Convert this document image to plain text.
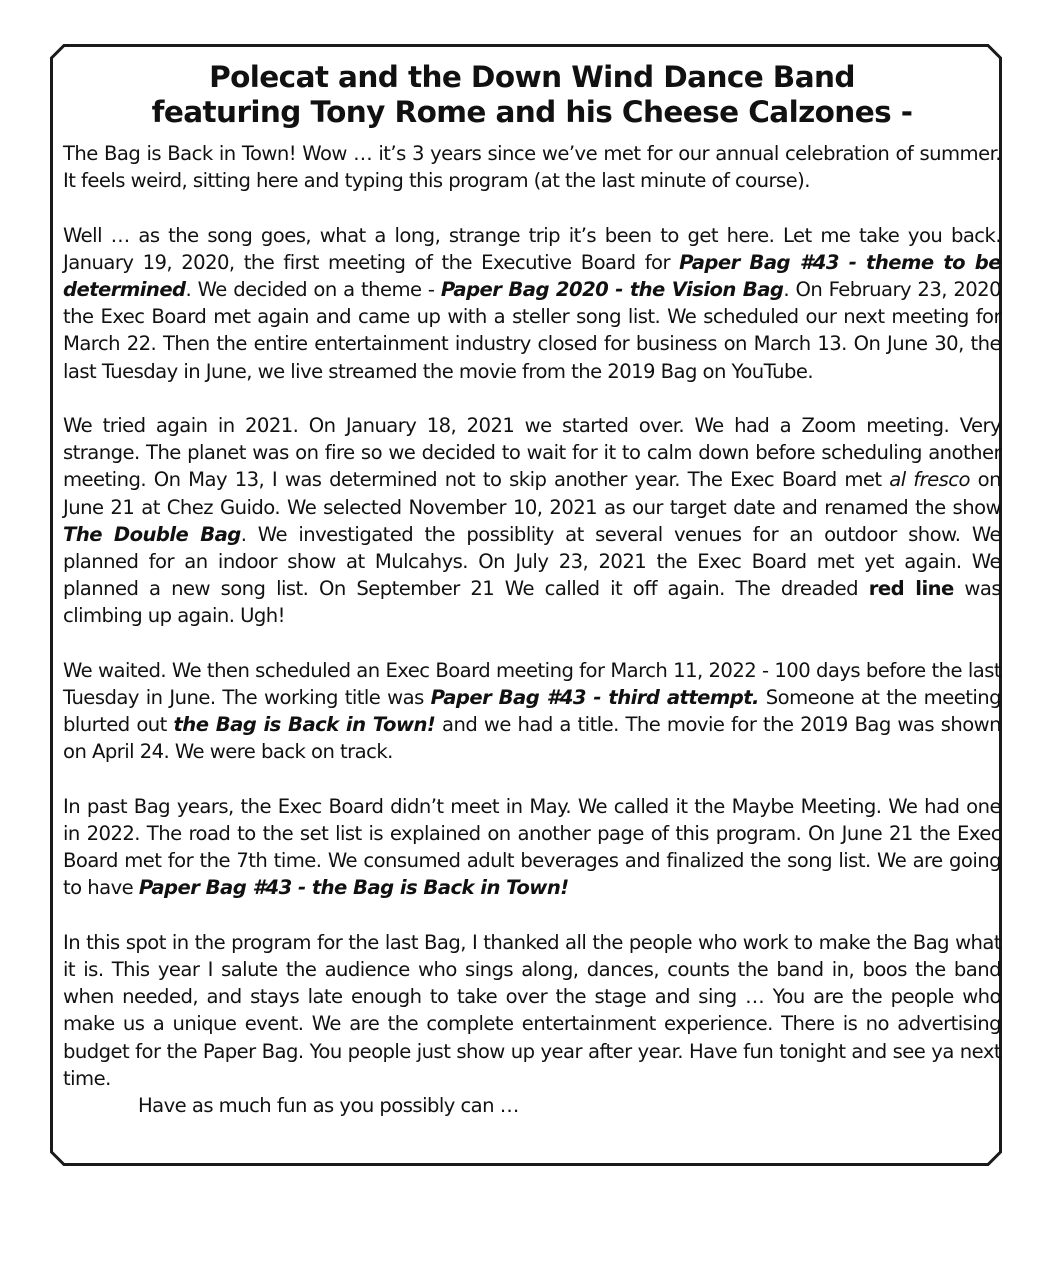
Polecat and the Down Wind Dance Band
featuring Tony Rome and his Cheese Calzones -

The Bag is Back in Town! Wow … it’s 3 years since we’ve met for our annual celebration of summer. It feels weird, sitting here and typing this program (at the last minute of course).

Well … as the song goes, what a long, strange trip it’s been to get here. Let me take you back. January 19, 2020, the first meeting of the Executive Board for Paper Bag #43 - theme to be determined. We decided on a theme - Paper Bag 2020 - the Vision Bag. On February 23, 2020 the Exec Board met again and came up with a steller song list. We scheduled our next meeting for March 22. Then the entire entertainment industry closed for business on March 13. On June 30, the last Tuesday in June, we live streamed the movie from the 2019 Bag on YouTube.

We tried again in 2021. On January 18, 2021 we started over. We had a Zoom meeting. Very strange. The planet was on fire so we decided to wait for it to calm down before scheduling another meeting. On May 13, I was determined not to skip another year. The Exec Board met al fresco on June 21 at Chez Guido. We selected November 10, 2021 as our target date and renamed the show The Double Bag. We investigated the possiblity at several venues for an outdoor show. We planned for an indoor show at Mulcahys. On July 23, 2021 the Exec Board met yet again. We planned a new song list. On September 21 We called it off again. The dreaded red line was climbing up again. Ugh!

We waited. We then scheduled an Exec Board meeting for March 11, 2022 - 100 days before the last Tuesday in June. The working title was Paper Bag #43 - third attempt. Someone at the meeting blurted out the Bag is Back in Town! and we had a title. The movie for the 2019 Bag was shown on April 24. We were back on track.

In past Bag years, the Exec Board didn’t meet in May. We called it the Maybe Meeting. We had one in 2022. The road to the set list is explained on another page of this program. On June 21 the Exec Board met for the 7th time. We consumed adult beverages and finalized the song list. We are going to have Paper Bag #43 - the Bag is Back in Town!

In this spot in the program for the last Bag, I thanked all the people who work to make the Bag what it is. This year I salute the audience who sings along, dances, counts the band in, boos the band when needed, and stays late enough to take over the stage and sing … You are the people who make us a unique event. We are the complete entertainment experience. There is no advertising budget for the Paper Bag. You people just show up year after year. Have fun tonight and see ya next time.

Have as much fun as you possibly can …
